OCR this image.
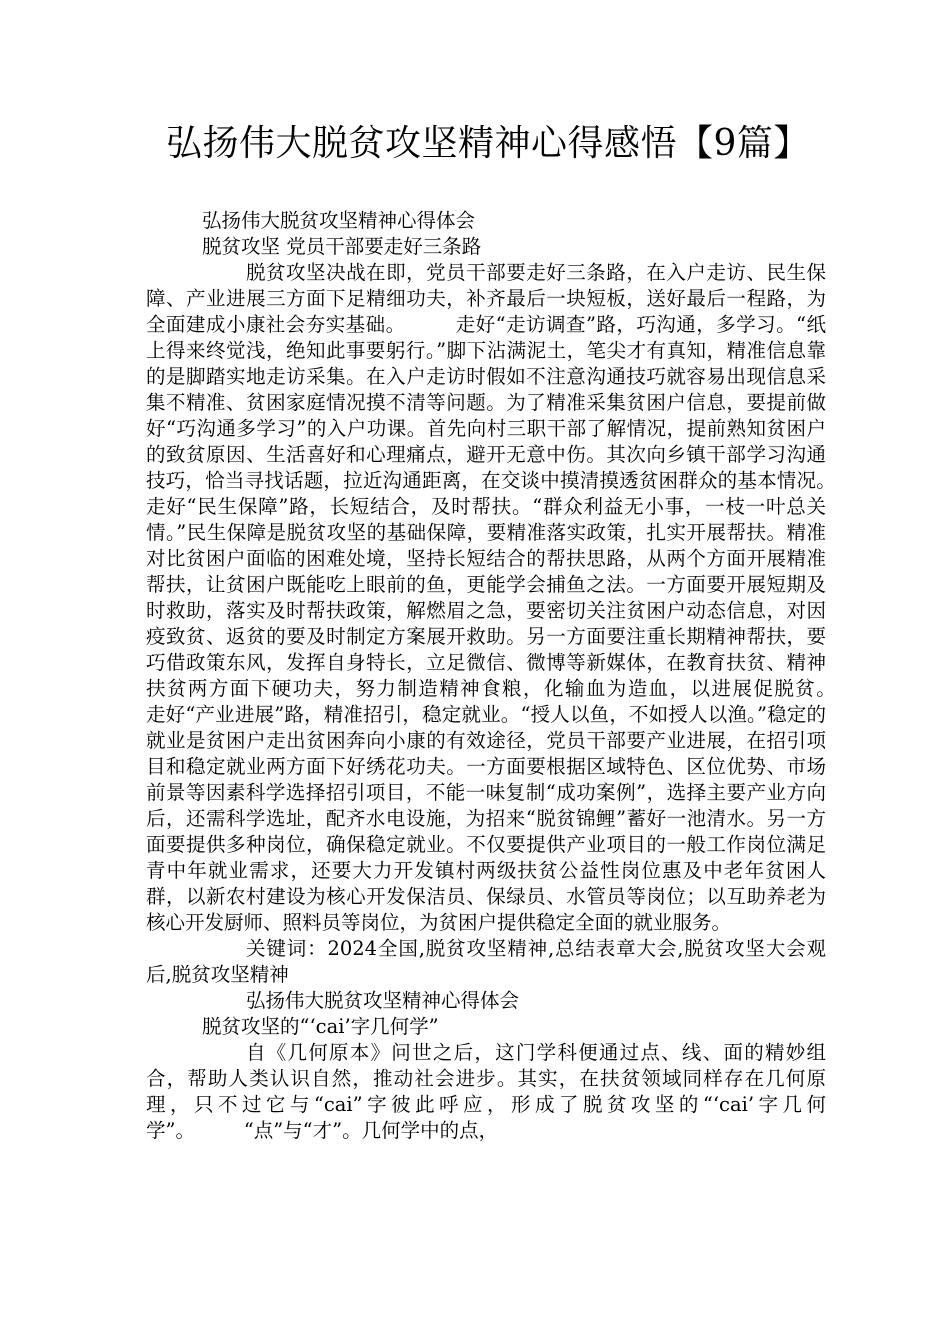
弘扬伟大脱贫攻坚精神心得感悟【9篇】

弘扬伟大脱贫攻坚精神心得体会

脱贫攻坚 党员干部要走好三条路

脱贫攻坚决战在即，党员干部要走好三条路，在入户走访、民生保障、产业进展三方面下足精细功夫，补齐最后一块短板，送好最后一程路，为全面建成小康社会夯实基础。　　　走好“走访调查”路，巧沟通，多学习。“纸上得来终觉浅，绝知此事要躬行。”脚下沾满泥土，笔尖才有真知，精准信息靠的是脚踏实地走访采集。在入户走访时假如不注意沟通技巧就容易出现信息采集不精准、贫困家庭情况摸不清等问题。为了精准采集贫困户信息，要提前做好“巧沟通多学习”的入户功课。首先向村三职干部了解情况，提前熟知贫困户的致贫原因、生活喜好和心理痛点，避开无意中伤。其次向乡镇干部学习沟通技巧，恰当寻找话题，拉近沟通距离，在交谈中摸清摸透贫困群众的基本情况。　　　走好“民生保障”路，长短结合，及时帮扶。“群众利益无小事，一枝一叶总关情。”民生保障是脱贫攻坚的基础保障，要精准落实政策，扎实开展帮扶。精准对比贫困户面临的困难处境，坚持长短结合的帮扶思路，从两个方面开展精准帮扶，让贫困户既能吃上眼前的鱼，更能学会捕鱼之法。一方面要开展短期及时救助，落实及时帮扶政策，解燃眉之急，要密切关注贫困户动态信息，对因疫致贫、返贫的要及时制定方案展开救助。另一方面要注重长期精神帮扶，要巧借政策东风，发挥自身特长，立足微信、微博等新媒体，在教育扶贫、精神扶贫两方面下硬功夫，努力制造精神食粮，化输血为造血，以进展促脱贫。　　　走好“产业进展”路，精准招引，稳定就业。“授人以鱼，不如授人以渔。”稳定的就业是贫困户走出贫困奔向小康的有效途径，党员干部要产业进展，在招引项目和稳定就业两方面下好绣花功夫。一方面要根据区域特色、区位优势、市场前景等因素科学选择招引项目，不能一味复制“成功案例”，选择主要产业方向后，还需科学选址，配齐水电设施，为招来“脱贫锦鲤”蓄好一池清水。另一方面要提供多种岗位，确保稳定就业。不仅要提供产业项目的一般工作岗位满足青中年就业需求，还要大力开发镇村两级扶贫公益性岗位惠及中老年贫困人群，以新农村建设为核心开发保洁员、保绿员、水管员等岗位；以互助养老为核心开发厨师、照料员等岗位，为贫困户提供稳定全面的就业服务。

关键词：2024全国,脱贫攻坚精神,总结表章大会,脱贫攻坚大会观后,脱贫攻坚精神

弘扬伟大脱贫攻坚精神心得体会

脱贫攻坚的“‘cai’字几何学”

自《几何原本》问世之后，这门学科便通过点、线、面的精妙组合，帮助人类认识自然，推动社会进步。其实，在扶贫领域同样存在几何原理，只不过它与“cai”字彼此呼应，形成了脱贫攻坚的“‘cai’字几何学”。　　　“点”与“才”。几何学中的点，
